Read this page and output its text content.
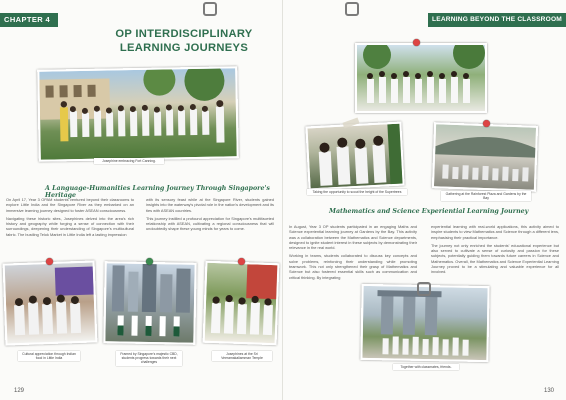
CHAPTER 4
OP INTERDISCIPLINARY LEARNING JOURNEYS
Josephine embracing Fort Canning.
A Language-Humanities Learning Journey Through Singapore's Heritage

On April 17, Year 3 OPAM students ventured beyond their classrooms to explore Little India and the Singapore River as they embarked on an immersive learning journey designed to foster ASEAN consciousness.

Navigating these historic sites, Josephines delved into the area's rich history and geography while forging a sense of connection with their surroundings, deepening their understanding of Singapore's multicultural fabric. The bustling Telok Market in Little India left a lasting impression

with its sensory feast while at the Singapore River, students gained insights into the waterway's pivotal role in the nation's development and its ties with ASEAN countries.

This journey instilled a profound appreciation for Singapore's multifaceted relationship with ASEAN, cultivating a regional consciousness that will undoubtedly shape these young minds for years to come.

Cultural appreciation through Indian food in Little India
Framed by Singapore's majestic CBD, students progress towards their next challenges
Josephines at the Sri Veeramakaliamman Temple
129
LEARNING BEYOND THE CLASSROOM
Taking the opportunity to scout the height of the Supertrees	Gathering at the Rainforest Plaza and Gardens by the Bay
Mathematics and Science Experiential Learning Journey

In August, Year 3 OP students participated in an engaging Maths and Science experiential learning journey at Gardens by the Bay. This activity was a collaboration between the Mathematics and Science departments, designed to ignite student interest in these subjects by demonstrating their relevance in the real world.

Working in teams, students collaborated to discuss key concepts and solve problems, reinforcing their understanding while promoting teamwork. This not only strengthened their grasp of Mathematics and Science but also fostered essential skills such as communication and critical thinking. By integrating

experiential learning with real-world applications, this activity aimed to inspire students to view Mathematics and Science through a different lens, emphasising their practical importance.

The journey not only enriched the students' educational experience but also served to cultivate a sense of curiosity and passion for these subjects, potentially guiding them towards future careers in Science and Mathematics. Overall, the Mathematics and Science Experiential Learning Journey proved to be a stimulating and valuable experience for all involved.

Together with classmates, friends.
130
